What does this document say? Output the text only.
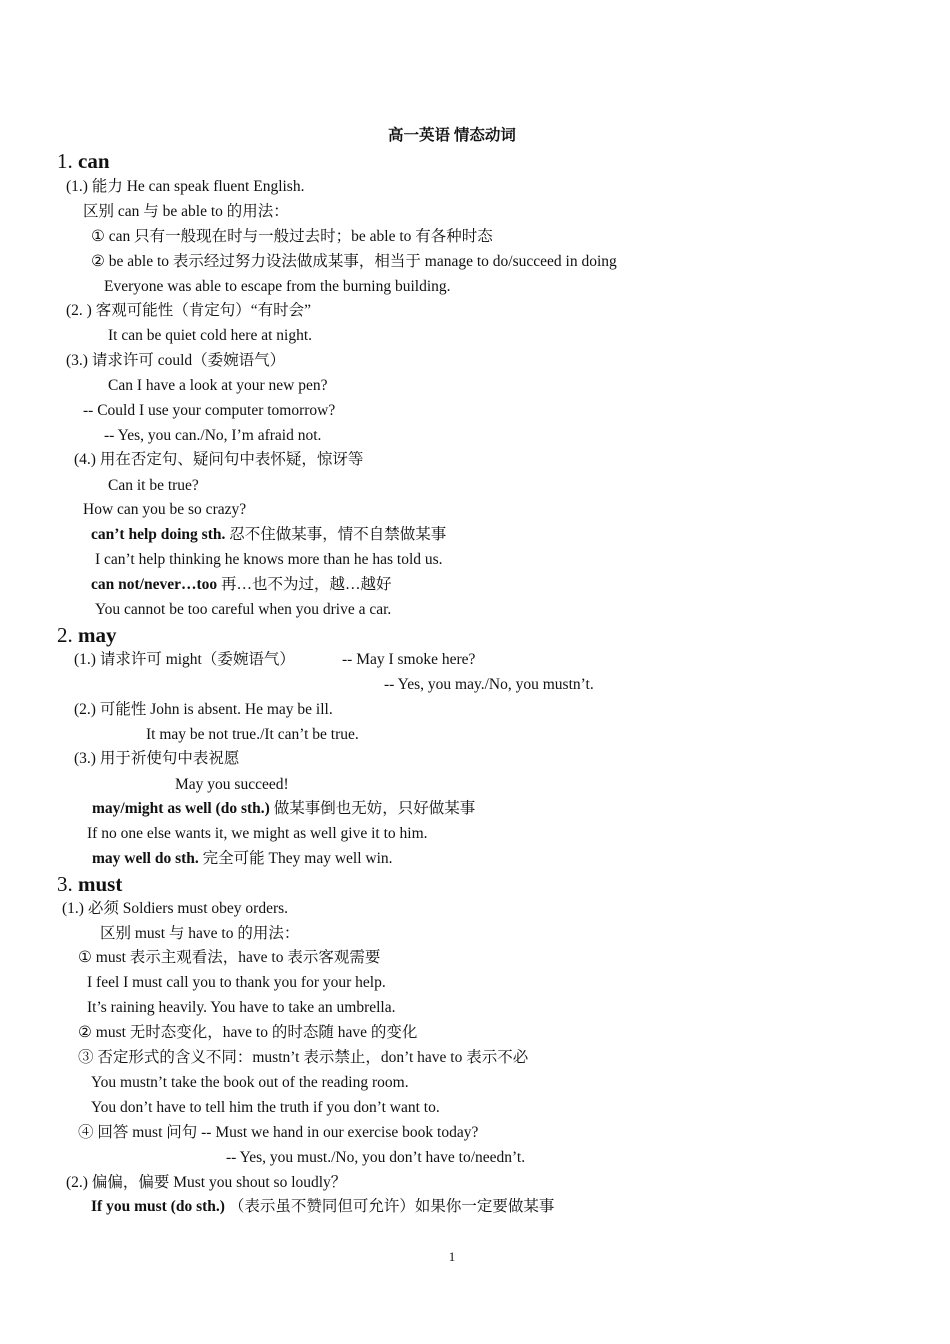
高一英语 情态动词
1. can
(1.) 能力 He can speak fluent English.
区别 can 与 be able to 的用法：
① can 只有一般现在时与一般过去时；be able to 有各种时态
② be able to 表示经过努力设法做成某事，相当于 manage to do/succeed in doing
Everyone was able to escape from the burning building.
(2. ) 客观可能性（肯定句）“有时会”
It can be quiet cold here at night.
(3.) 请求许可 could（委婉语气）
Can I have a look at your new pen?
-- Could I use your computer tomorrow?
-- Yes, you can./No, I’m afraid not.
(4.) 用在否定句、疑问句中表怀疑，惊讶等
Can it be true?
How can you be so crazy?
can’t help doing sth. 忍不住做某事，情不自禁做某事
I can’t help thinking he knows more than he has told us.
can not/never…too 再…也不为过，越…越好
You cannot be too careful when you drive a car.
2. may
(1.) 请求许可 might（委婉语气）	-- May I smoke here?
-- Yes, you may./No, you mustn’t.
(2.) 可能性 John is absent. He may be ill.
It may be not true./It can’t be true.
(3.) 用于祈使句中表祝愿
May you succeed!
may/might as well (do sth.) 做某事倒也无妨，只好做某事
If no one else wants it, we might as well give it to him.
may well do sth. 完全可能 They may well win.
3. must
(1.) 必须 Soldiers must obey orders.
区别 must 与 have to 的用法：
① must 表示主观看法，have to 表示客观需要
I feel I must call you to thank you for your help.
It’s raining heavily. You have to take an umbrella.
② must 无时态变化，have to 的时态随 have 的变化
③ 否定形式的含义不同：mustn’t 表示禁止，don’t have to 表示不必
You mustn’t take the book out of the reading room.
You don’t have to tell him the truth if you don’t want to.
④ 回答 must 问句 -- Must we hand in our exercise book today?
-- Yes, you must./No, you don’t have to/needn’t.
(2.) 偏偏，偏要 Must you shout so loudly？
If you must (do sth.) （表示虽不赞同但可允许）如果你一定要做某事
1
